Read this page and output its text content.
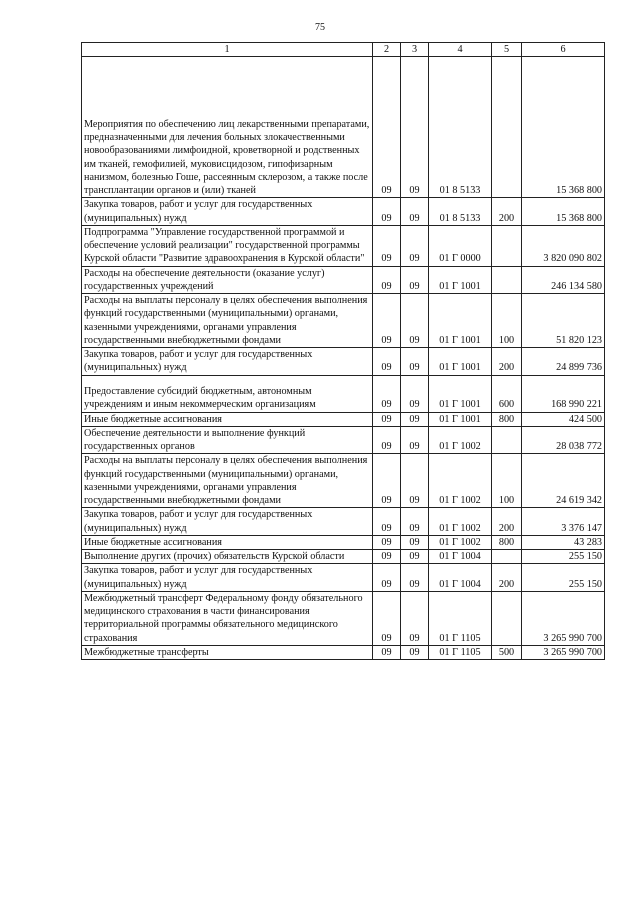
75
1	2	3	4	5	6
Мероприятия по обеспечению лиц лекарственными препаратами, предназначенными для лечения больных злокачественными новообразованиями лимфоидной, кроветворной и родственных им тканей, гемофилией, муковисцидозом, гипофизарным нанизмом, болезнью Гоше, рассеянным склерозом, а также после трансплантации органов и (или) тканей	09	09	01 8 5133		15 368 800
Закупка товаров, работ и услуг для государственных (муниципальных) нужд	09	09	01 8 5133	200	15 368 800
Подпрограмма "Управление государственной программой и обеспечение условий реализации" государственной программы Курской области "Развитие здравоохранения в Курской области"	09	09	01 Г 0000		3 820 090 802
Расходы на обеспечение деятельности (оказание услуг) государственных учреждений	09	09	01 Г 1001		246 134 580
Расходы на выплаты персоналу в целях обеспечения выполнения функций государственными (муниципальными) органами, казенными учреждениями, органами управления государственными внебюджетными фондами	09	09	01 Г 1001	100	51 820 123
Закупка товаров, работ и услуг для государственных (муниципальных) нужд	09	09	01 Г 1001	200	24 899 736
Предоставление субсидий бюджетным, автономным учреждениям и иным некоммерческим организациям	09	09	01 Г 1001	600	168 990 221
Иные бюджетные ассигнования	09	09	01 Г 1001	800	424 500
Обеспечение деятельности и выполнение функций государственных органов	09	09	01 Г 1002		28 038 772
Расходы на выплаты персоналу в целях обеспечения выполнения функций государственными (муниципальными) органами, казенными учреждениями, органами управления государственными внебюджетными фондами	09	09	01 Г 1002	100	24 619 342
Закупка товаров, работ и услуг для государственных (муниципальных) нужд	09	09	01 Г 1002	200	3 376 147
Иные бюджетные ассигнования	09	09	01 Г 1002	800	43 283
Выполнение других (прочих) обязательств Курской области	09	09	01 Г 1004		255 150
Закупка товаров, работ и услуг для государственных (муниципальных) нужд	09	09	01 Г 1004	200	255 150
Межбюджетный трансферт Федеральному фонду обязательного медицинского страхования в части финансирования территориальной программы обязательного медицинского страхования	09	09	01 Г 1105		3 265 990 700
Межбюджетные трансферты	09	09	01 Г 1105	500	3 265 990 700
